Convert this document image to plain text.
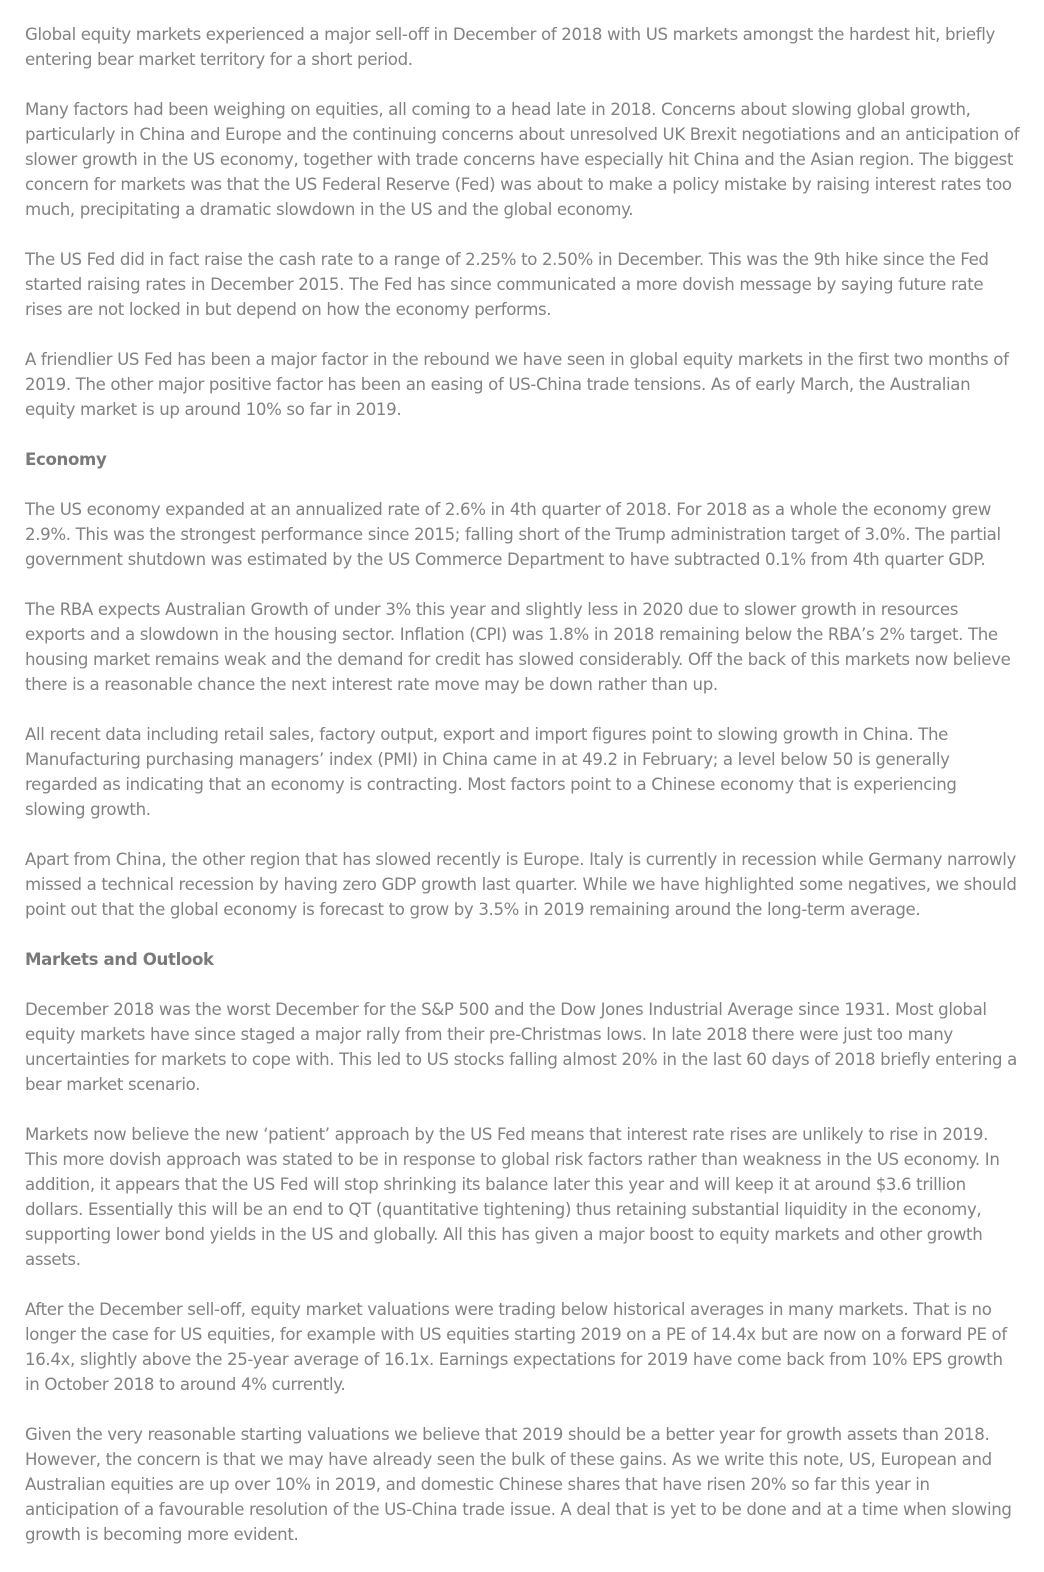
Global equity markets experienced a major sell-off in December of 2018 with US markets amongst the hardest hit, briefly entering bear market territory for a short period.

Many factors had been weighing on equities, all coming to a head late in 2018. Concerns about slowing global growth, particularly in China and Europe and the continuing concerns about unresolved UK Brexit negotiations and an anticipation of slower growth in the US economy, together with trade concerns have especially hit China and the Asian region. The biggest concern for markets was that the US Federal Reserve (Fed) was about to make a policy mistake by raising interest rates too much, precipitating a dramatic slowdown in the US and the global economy.

The US Fed did in fact raise the cash rate to a range of 2.25% to 2.50% in December. This was the 9th hike since the Fed started raising rates in December 2015. The Fed has since communicated a more dovish message by saying future rate rises are not locked in but depend on how the economy performs.

A friendlier US Fed has been a major factor in the rebound we have seen in global equity markets in the first two months of 2019. The other major positive factor has been an easing of US-China trade tensions. As of early March, the Australian equity market is up around 10% so far in 2019.

Economy

The US economy expanded at an annualized rate of 2.6% in 4th quarter of 2018. For 2018 as a whole the economy grew 2.9%. This was the strongest performance since 2015; falling short of the Trump administration target of 3.0%. The partial government shutdown was estimated by the US Commerce Department to have subtracted 0.1% from 4th quarter GDP.

The RBA expects Australian Growth of under 3% this year and slightly less in 2020 due to slower growth in resources exports and a slowdown in the housing sector. Inflation (CPI) was 1.8% in 2018 remaining below the RBA’s 2% target. The housing market remains weak and the demand for credit has slowed considerably. Off the back of this markets now believe there is a reasonable chance the next interest rate move may be down rather than up.

All recent data including retail sales, factory output, export and import figures point to slowing growth in China. The Manufacturing purchasing managers’ index (PMI) in China came in at 49.2 in February; a level below 50 is generally regarded as indicating that an economy is contracting. Most factors point to a Chinese economy that is experiencing slowing growth.

Apart from China, the other region that has slowed recently is Europe. Italy is currently in recession while Germany narrowly missed a technical recession by having zero GDP growth last quarter. While we have highlighted some negatives, we should point out that the global economy is forecast to grow by 3.5% in 2019 remaining around the long-term average.

Markets and Outlook

December 2018 was the worst December for the S&P 500 and the Dow Jones Industrial Average since 1931. Most global equity markets have since staged a major rally from their pre-Christmas lows. In late 2018 there were just too many uncertainties for markets to cope with. This led to US stocks falling almost 20% in the last 60 days of 2018 briefly entering a bear market scenario.

Markets now believe the new ‘patient’ approach by the US Fed means that interest rate rises are unlikely to rise in 2019. This more dovish approach was stated to be in response to global risk factors rather than weakness in the US economy. In addition, it appears that the US Fed will stop shrinking its balance later this year and will keep it at around $3.6 trillion dollars. Essentially this will be an end to QT (quantitative tightening) thus retaining substantial liquidity in the economy, supporting lower bond yields in the US and globally. All this has given a major boost to equity markets and other growth assets.

After the December sell-off, equity market valuations were trading below historical averages in many markets. That is no longer the case for US equities, for example with US equities starting 2019 on a PE of 14.4x but are now on a forward PE of 16.4x, slightly above the 25-year average of 16.1x. Earnings expectations for 2019 have come back from 10% EPS growth in October 2018 to around 4% currently.

Given the very reasonable starting valuations we believe that 2019 should be a better year for growth assets than 2018. However, the concern is that we may have already seen the bulk of these gains. As we write this note, US, European and Australian equities are up over 10% in 2019, and domestic Chinese shares that have risen 20% so far this year in anticipation of a favourable resolution of the US-China trade issue. A deal that is yet to be done and at a time when slowing growth is becoming more evident.
